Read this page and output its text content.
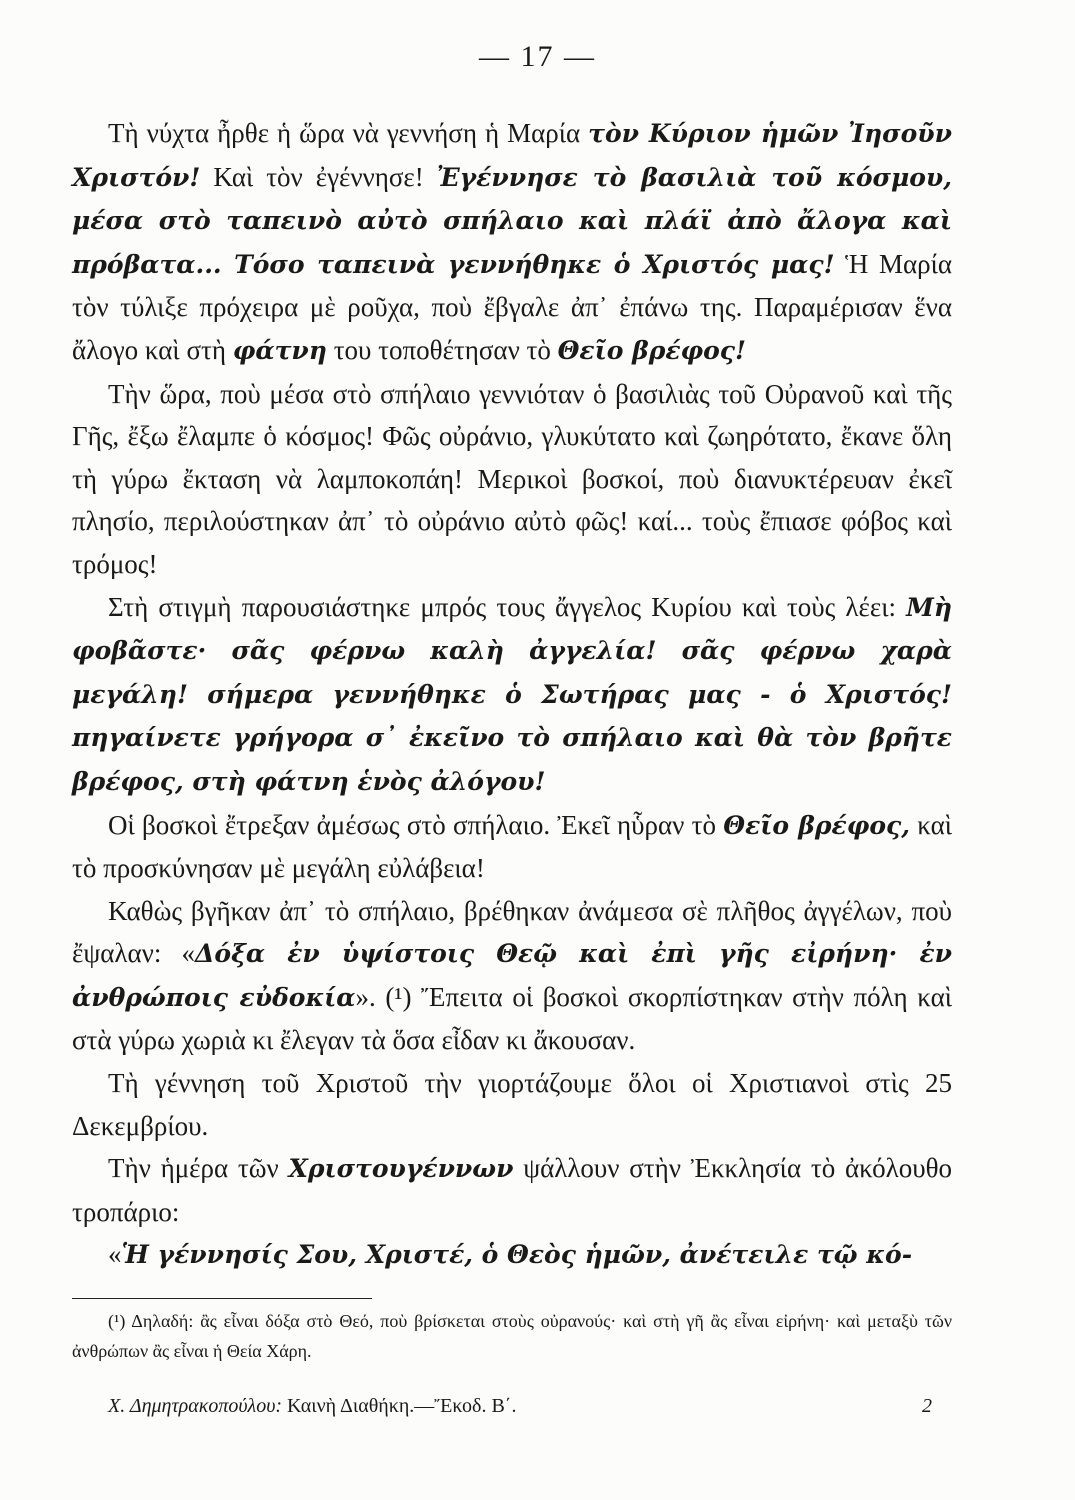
— 17 —

Τὴ νύχτα ἦρθε ἡ ὥρα νὰ γεννήση ἡ Μαρία τὸν Κύριον ἡμῶν Ἰησοῦν Χριστόν! Καὶ τὸν ἐγέννησε! Ἐγέννησε τὸ βασιλιὰ τοῦ κόσμου, μέσα στὸ ταπεινὸ αὐτὸ σπήλαιο καὶ πλάϊ ἀπὸ ἄλογα καὶ πρόβατα... Τόσο ταπεινὰ γεννήθηκε ὁ Χριστός μας! Ἡ Μαρία τὸν τύλιξε πρόχειρα μὲ ροῦχα, ποὺ ἔβγαλε ἀπ᾽ ἐπάνω της. Παραμέρισαν ἕνα ἄλογο καὶ στὴ φάτνη του τοποθέτησαν τὸ Θεῖο βρέφος!

Τὴν ὥρα, ποὺ μέσα στὸ σπήλαιο γεννιόταν ὁ βασιλιὰς τοῦ Οὐρανοῦ καὶ τῆς Γῆς, ἔξω ἔλαμπε ὁ κόσμος! Φῶς οὐράνιο, γλυκύτατο καὶ ζωηρότατο, ἔκανε ὅλη τὴ γύρω ἔκταση νὰ λαμποκοπάη! Μερικοὶ βοσκοί, ποὺ διανυκτέρευαν ἐκεῖ πλησίο, περιλούστηκαν ἀπ᾽ τὸ οὐράνιο αὐτὸ φῶς! καί... τοὺς ἔπιασε φόβος καὶ τρόμος!

Στὴ στιγμὴ παρουσιάστηκε μπρός τους ἄγγελος Κυρίου καὶ τοὺς λέει: Μὴ φοβᾶστε· σᾶς φέρνω καλὴ ἀγγελία! σᾶς φέρνω χαρὰ μεγάλη! σήμερα γεννήθηκε ὁ Σωτήρας μας - ὁ Χριστός! πηγαίνετε γρήγορα σ᾽ ἐκεῖνο τὸ σπήλαιο καὶ θὰ τὸν βρῆτε βρέφος, στὴ φάτνη ἑνὸς ἀλόγου!

Οἱ βοσκοὶ ἔτρεξαν ἀμέσως στὸ σπήλαιο. Ἐκεῖ ηὗραν τὸ Θεῖο βρέφος, καὶ τὸ προσκύνησαν μὲ μεγάλη εὐλάβεια!

Καθὼς βγῆκαν ἀπ᾽ τὸ σπήλαιο, βρέθηκαν ἀνάμεσα σὲ πλῆθος ἀγγέλων, ποὺ ἔψαλαν: «Δόξα ἐν ὑψίστοις Θεῷ καὶ ἐπὶ γῆς εἰρήνη· ἐν ἀνθρώποις εὐδοκία». (¹) Ἔπειτα οἱ βοσκοὶ σκορπίστηκαν στὴν πόλη καὶ στὰ γύρω χωριὰ κι ἔλεγαν τὰ ὅσα εἶδαν κι ἄκουσαν.

Τὴ γέννηση τοῦ Χριστοῦ τὴν γιορτάζουμε ὅλοι οἱ Χριστιανοὶ στὶς 25 Δεκεμβρίου.

Τὴν ἡμέρα τῶν Χριστουγέννων ψάλλουν στὴν Ἐκκλησία τὸ ἀκόλουθο τροπάριο:

«Ἡ γέννησίς Σου, Χριστέ, ὁ Θεὸς ἡμῶν, ἀνέτειλε τῷ κό-

(¹) Δηλαδή: ἂς εἶναι δόξα στὸ Θεό, ποὺ βρίσκεται στοὺς οὐρανούς· καὶ στὴ γῆ ἂς εἶναι εἰρήνη· καὶ μεταξὺ τῶν ἀνθρώπων ἂς εἶναι ἡ Θεία Χάρη.
Χ. Δημητρακοπούλου: Καινὴ Διαθήκη.—Ἔκοδ. Β΄.	2
